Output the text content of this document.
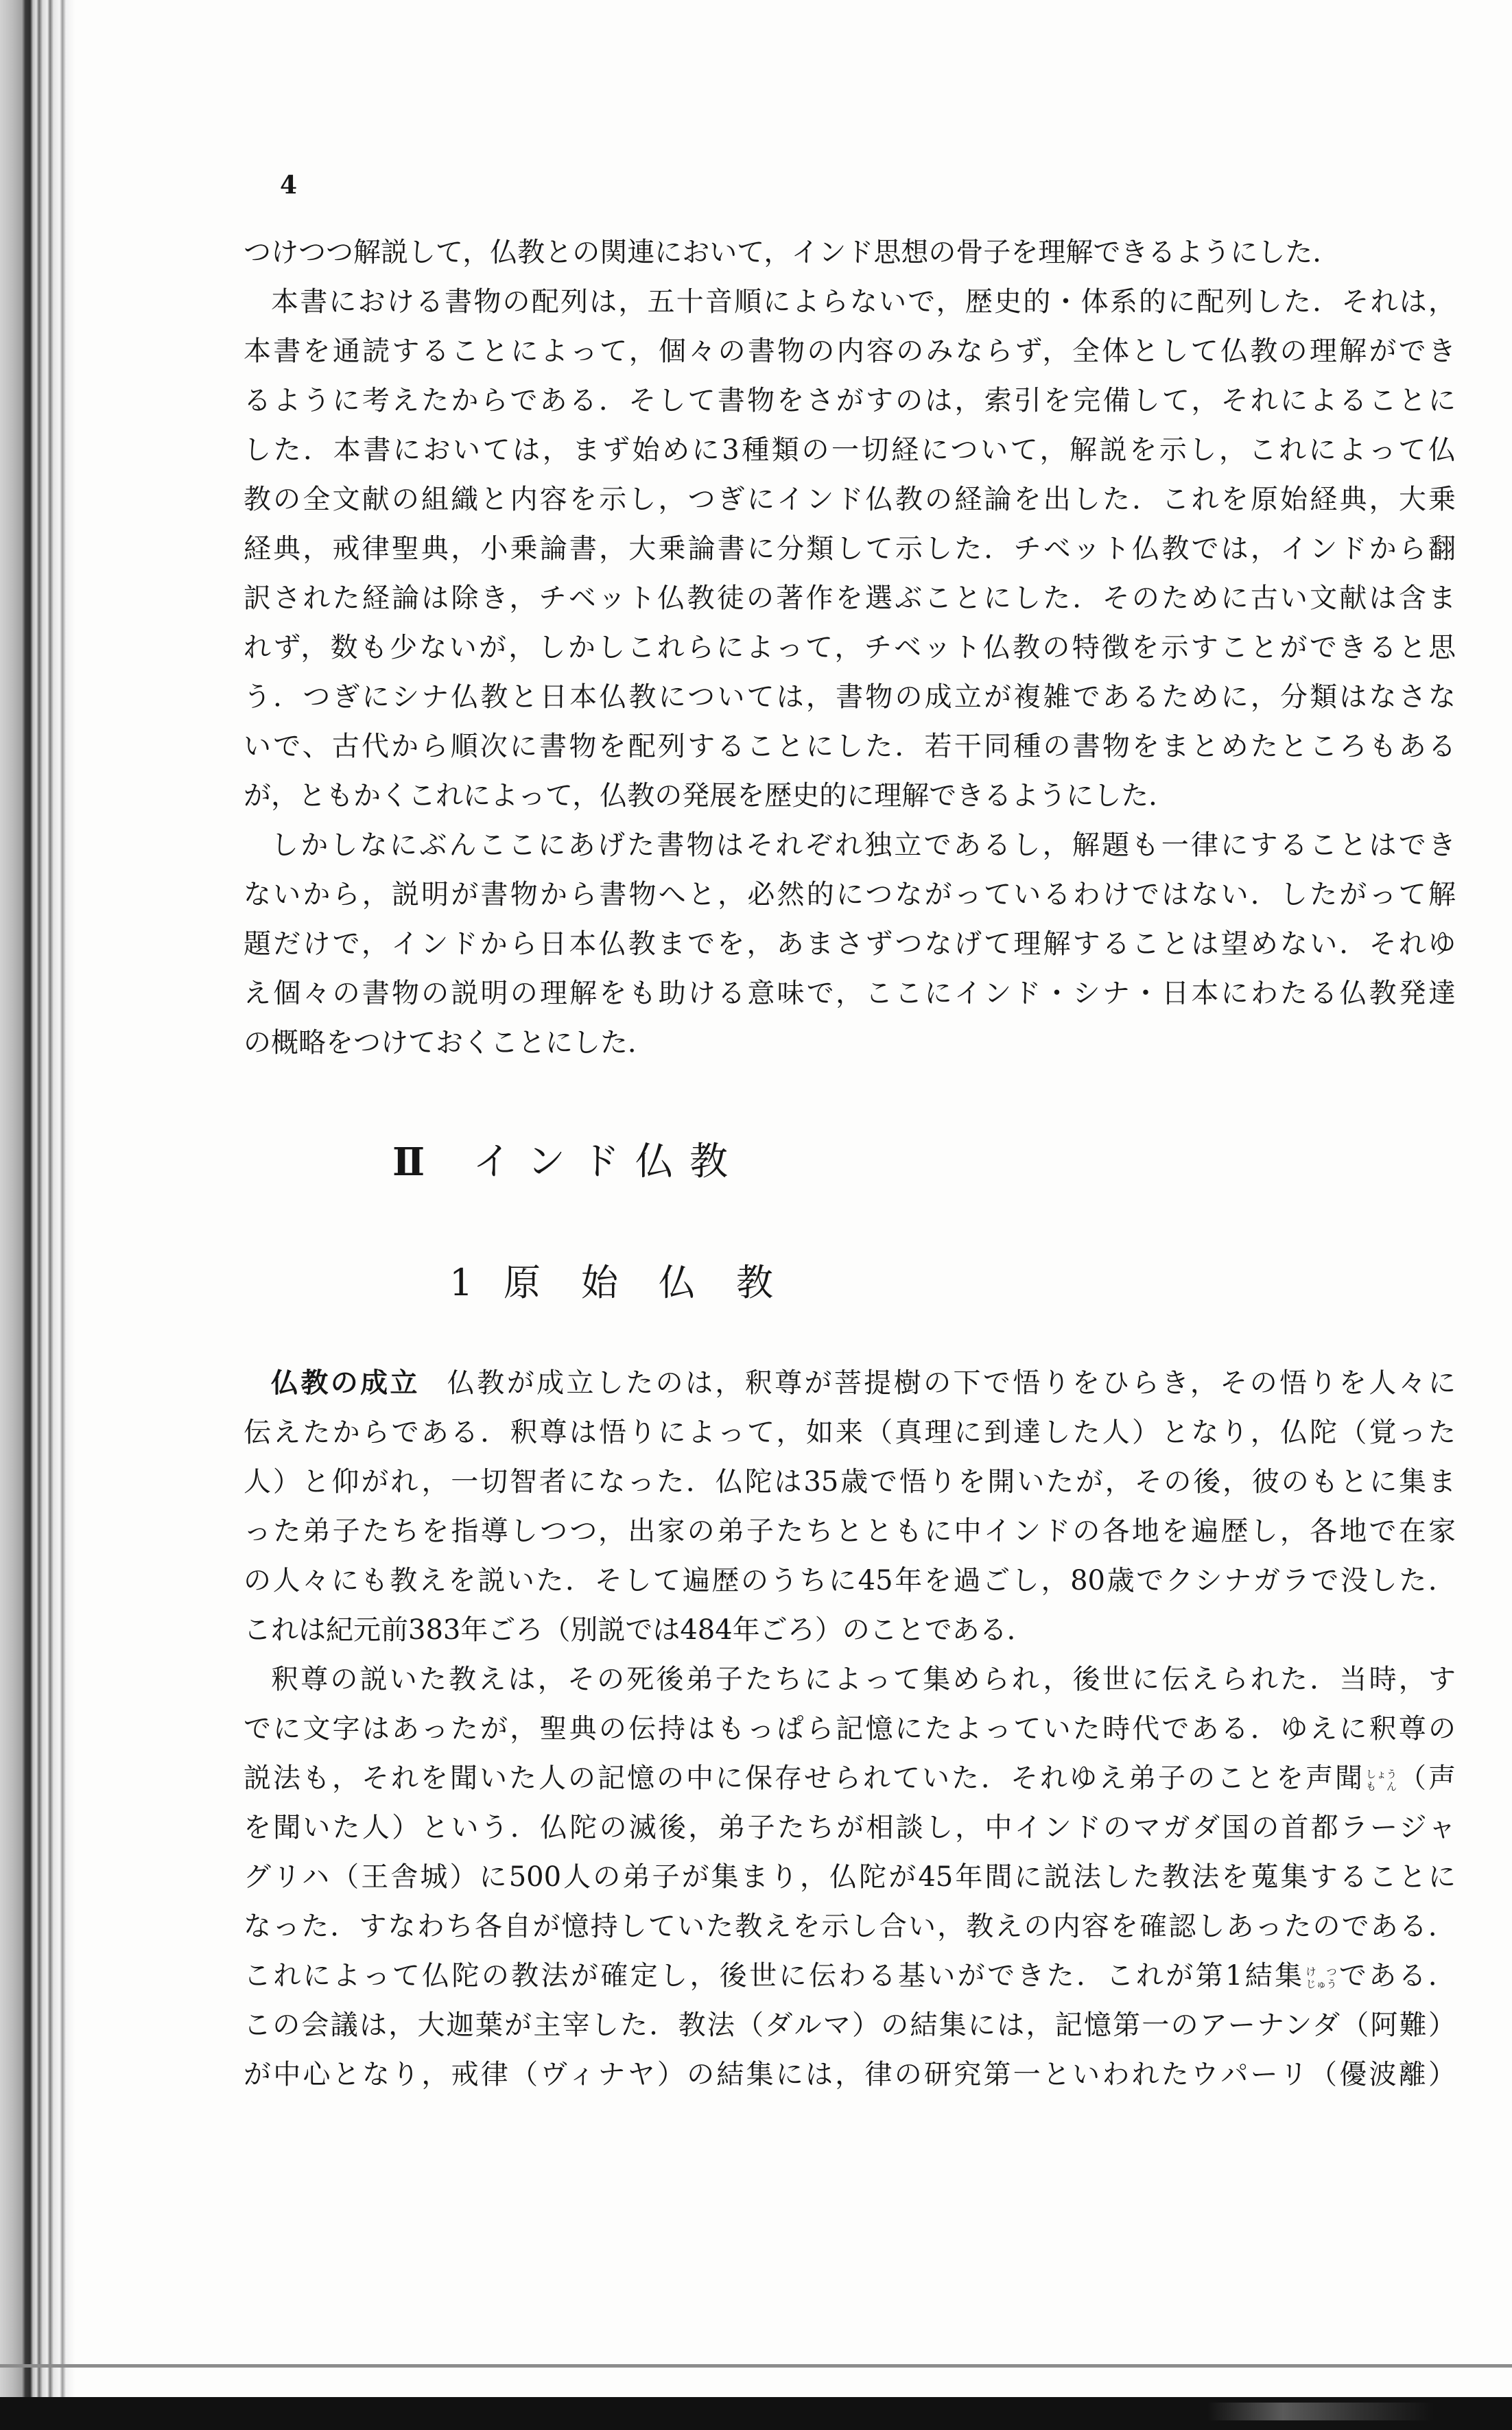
4
つけつつ解説して，仏教との関連において，インド思想の骨子を理解できるようにした．
本書における書物の配列は，五十音順によらないで，歴史的・体系的に配列した．それは，
本書を通読することによって，個々の書物の内容のみならず，全体として仏教の理解ができ
るように考えたからである．そして書物をさがすのは，索引を完備して，それによることに
した．本書においては，まず始めに3種類の一切経について，解説を示し，これによって仏
教の全文献の組織と内容を示し，つぎにインド仏教の経論を出した．これを原始経典，大乗
経典，戒律聖典，小乗論書，大乗論書に分類して示した．チベット仏教では，インドから翻
訳された経論は除き，チベット仏教徒の著作を選ぶことにした．そのために古い文献は含ま
れず，数も少ないが，しかしこれらによって，チベット仏教の特徴を示すことができると思
う．つぎにシナ仏教と日本仏教については，書物の成立が複雑であるために，分類はなさな
いで、古代から順次に書物を配列することにした．若干同種の書物をまとめたところもある
が，ともかくこれによって，仏教の発展を歴史的に理解できるようにした．
しかしなにぶんここにあげた書物はそれぞれ独立であるし，解題も一律にすることはでき
ないから，説明が書物から書物へと，必然的につながっているわけではない．したがって解
題だけで，インドから日本仏教までを，あまさずつなげて理解することは望めない．それゆ
え個々の書物の説明の理解をも助ける意味で，ここにインド・シナ・日本にわたる仏教発達
の概略をつけておくことにした．
Ⅱ インド仏教
1 原始仏教
仏教の成立 仏教が成立したのは，釈尊が菩提樹の下で悟りをひらき，その悟りを人々に
伝えたからである．釈尊は悟りによって，如来（真理に到達した人）となり，仏陀（覚った
人）と仰がれ，一切智者になった．仏陀は35歳で悟りを開いたが，その後，彼のもとに集ま
った弟子たちを指導しつつ，出家の弟子たちとともに中インドの各地を遍歴し，各地で在家
の人々にも教えを説いた．そして遍歴のうちに45年を過ごし，80歳でクシナガラで没した．
これは紀元前383年ごろ（別説では484年ごろ）のことである．
釈尊の説いた教えは，その死後弟子たちによって集められ，後世に伝えられた．当時，す
でに文字はあったが，聖典の伝持はもっぱら記憶にたよっていた時代である．ゆえに釈尊の
説法も，それを聞いた人の記憶の中に保存せられていた．それゆえ弟子のことを声聞 しょう
もん （声
を聞いた人）という．仏陀の滅後，弟子たちが相談し，中インドのマガダ国の首都ラージャ
グリハ（王舎城）に500人の弟子が集まり，仏陀が45年間に説法した教法を蒐集することに
なった．すなわち各自が憶持していた教えを示し合い，教えの内容を確認しあったのである．
これによって仏陀の教法が確定し，後世に伝わる基いができた．これが第1結集 けつ
じゅう である．
この会議は，大迦葉が主宰した．教法（ダルマ）の結集には，記憶第一のアーナンダ（阿難）
が中心となり，戒律（ヴィナヤ）の結集には，律の研究第一といわれたウパーリ（優波離）
